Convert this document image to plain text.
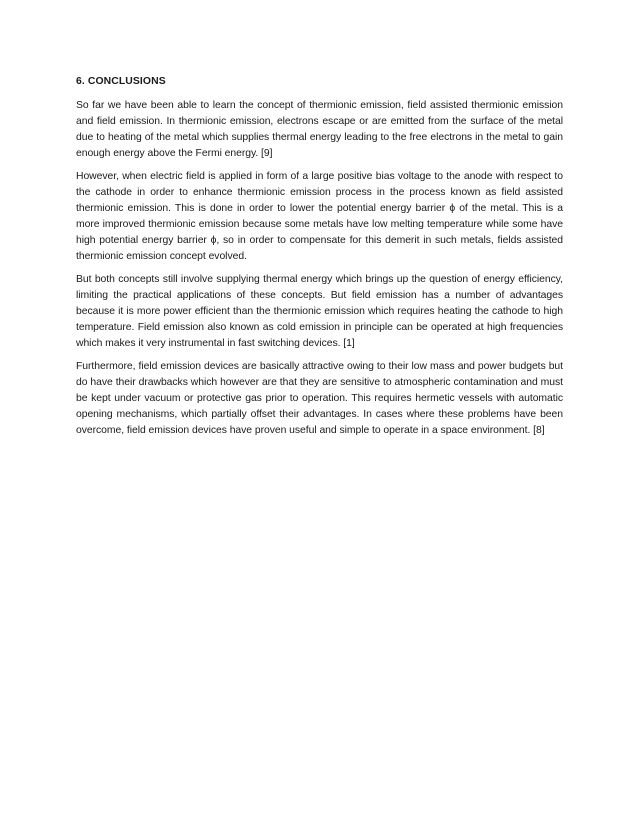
6. CONCLUSIONS

So far we have been able to learn the concept of thermionic emission, field assisted thermionic emission and field emission. In thermionic emission, electrons escape or are emitted from the surface of the metal due to heating of the metal which supplies thermal energy leading to the free electrons in the metal to gain enough energy above the Fermi energy. [9]

However, when electric field is applied in form of a large positive bias voltage to the anode with respect to the cathode in order to enhance thermionic emission process in the process known as field assisted thermionic emission. This is done in order to lower the potential energy barrier ϕ of the metal. This is a more improved thermionic emission because some metals have low melting temperature while some have high potential energy barrier ϕ, so in order to compensate for this demerit in such metals, fields assisted thermionic emission concept evolved.

But both concepts still involve supplying thermal energy which brings up the question of energy efficiency, limiting the practical applications of these concepts. But field emission has a number of advantages because it is more power efficient than the thermionic emission which requires heating the cathode to high temperature. Field emission also known as cold emission in principle can be operated at high frequencies which makes it very instrumental in fast switching devices. [1]

Furthermore, field emission devices are basically attractive owing to their low mass and power budgets but do have their drawbacks which however are that they are sensitive to atmospheric contamination and must be kept under vacuum or protective gas prior to operation. This requires hermetic vessels with automatic opening mechanisms, which partially offset their advantages. In cases where these problems have been overcome, field emission devices have proven useful and simple to operate in a space environment. [8]
